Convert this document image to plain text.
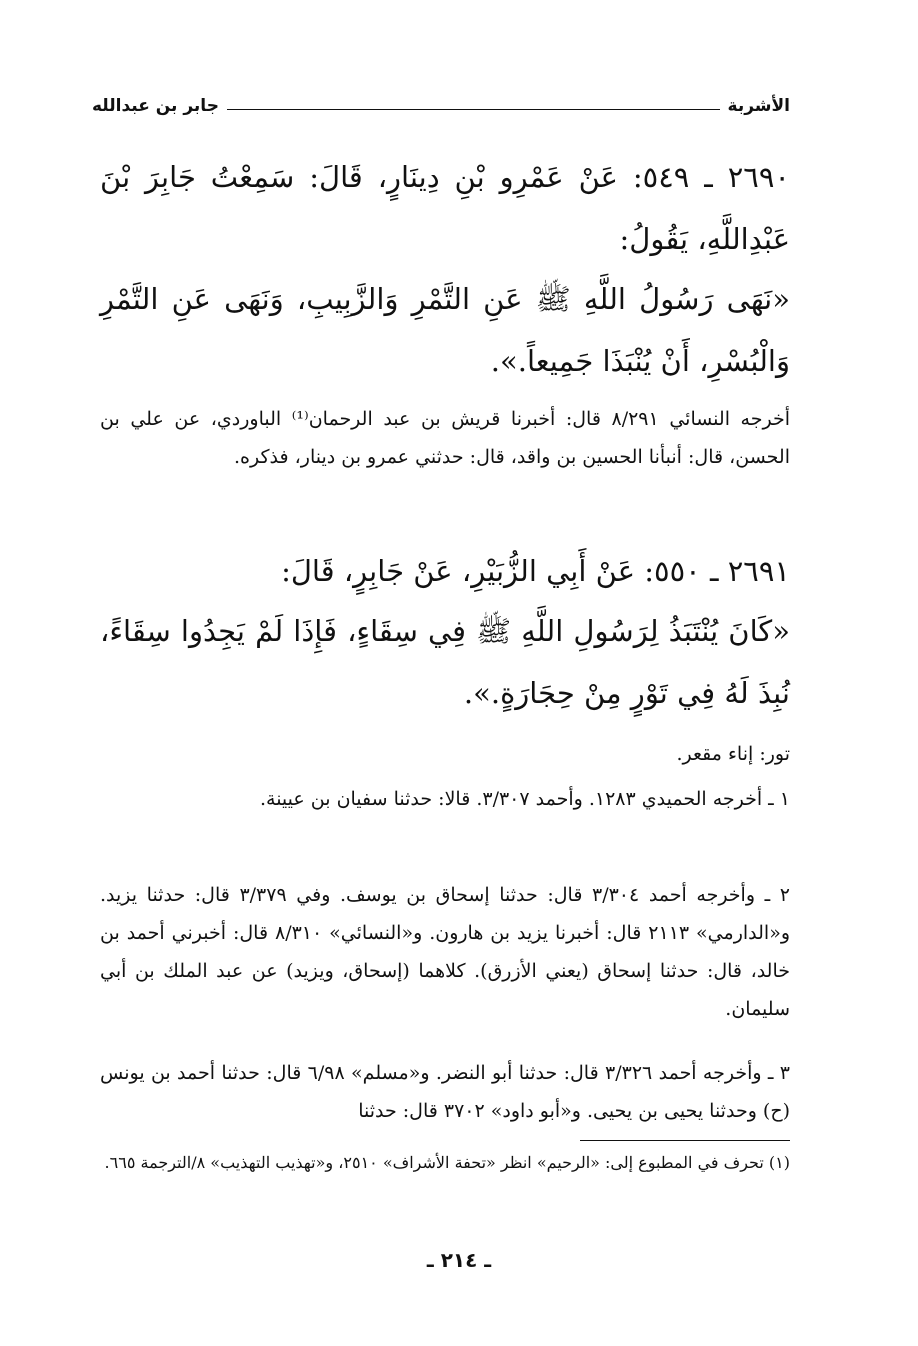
الأشربة
جابر بن عبدالله
٢٦٩٠ ـ ٥٤٩: عَنْ عَمْرِو بْنِ دِينَارٍ، قَالَ: سَمِعْتُ جَابِرَ بْنَ عَبْدِاللَّهِ، يَقُولُ:
«نَهَى رَسُولُ اللَّهِ ﷺ عَنِ التَّمْرِ وَالزَّبِيبِ، وَنَهَى عَنِ التَّمْرِ وَالْبُسْرِ، أَنْ يُنْبَذَا جَمِيعاً.».
أخرجه النسائي ٨/٢٩١ قال: أخبرنا قريش بن عبد الرحمان⁽¹⁾ الباوردي، عن علي بن الحسن، قال: أنبأنا الحسين بن واقد، قال: حدثني عمرو بن دينار، فذكره.
٢٦٩١ ـ ٥٥٠: عَنْ أَبِي الزُّبَيْرِ، عَنْ جَابِرٍ، قَالَ:
«كَانَ يُنْتَبَذُ لِرَسُولِ اللَّهِ ﷺ فِي سِقَاءٍ، فَإِذَا لَمْ يَجِدُوا سِقَاءً، نُبِذَ لَهُ فِي تَوْرٍ مِنْ حِجَارَةٍ.».
تور: إناء مقعر.
١ ـ أخرجه الحميدي ١٢٨٣. وأحمد ٣/٣٠٧. قالا: حدثنا سفيان بن عيينة.
٢ ـ وأخرجه أحمد ٣/٣٠٤ قال: حدثنا إسحاق بن يوسف. وفي ٣/٣٧٩ قال: حدثنا يزيد. و«الدارمي» ٢١١٣ قال: أخبرنا يزيد بن هارون. و«النسائي» ٨/٣١٠ قال: أخبرني أحمد بن خالد، قال: حدثنا إسحاق (يعني الأزرق). كلاهما (إسحاق، ويزيد) عن عبد الملك بن أبي سليمان.
٣ ـ وأخرجه أحمد ٣/٣٢٦ قال: حدثنا أبو النضر. و«مسلم» ٦/٩٨ قال: حدثنا أحمد بن يونس (ح) وحدثنا يحيى بن يحيى. و«أبو داود» ٣٧٠٢ قال: حدثنا
(١) تحرف في المطبوع إلى: «الرحيم» انظر «تحفة الأشراف» ٢٥١٠، و«تهذيب التهذيب» ٨/الترجمة ٦٦٥.
ـ ٢١٤ ـ
